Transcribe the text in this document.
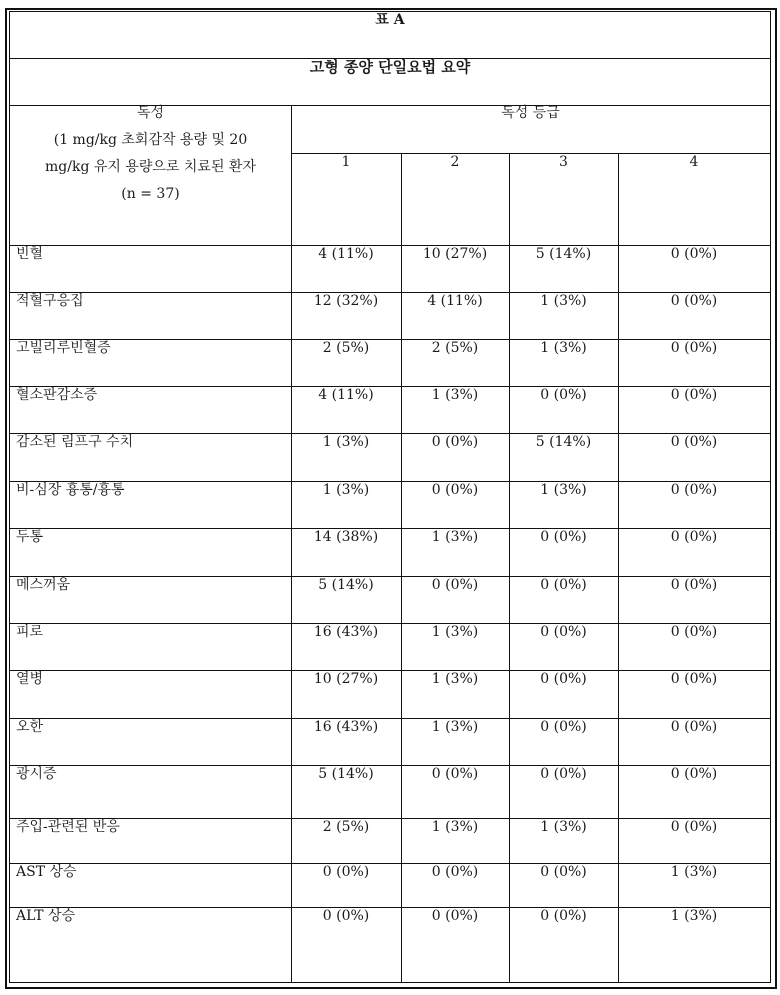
표 A
고형 종양 단일요법 요약
독성
(1 mg/kg 초회감작 용량 및 20
mg/kg 유지 용량으로 치료된 환자
(n = 37)
독성 등급
1	2	3	4
빈혈	4 (11%)	10 (27%)	5 (14%)	0 (0%)
적혈구응집	12 (32%)	4 (11%)	1 (3%)	0 (0%)
고빌리루빈혈증	2 (5%)	2 (5%)	1 (3%)	0 (0%)
혈소판감소증	4 (11%)	1 (3%)	0 (0%)	0 (0%)
감소된 림프구 수치	1 (3%)	0 (0%)	5 (14%)	0 (0%)
비-심장 흉통/흉통	1 (3%)	0 (0%)	1 (3%)	0 (0%)
두통	14 (38%)	1 (3%)	0 (0%)	0 (0%)
메스꺼움	5 (14%)	0 (0%)	0 (0%)	0 (0%)
피로	16 (43%)	1 (3%)	0 (0%)	0 (0%)
열병	10 (27%)	1 (3%)	0 (0%)	0 (0%)
오한	16 (43%)	1 (3%)	0 (0%)	0 (0%)
광시증	5 (14%)	0 (0%)	0 (0%)	0 (0%)
주입-관련된 반응	2 (5%)	1 (3%)	1 (3%)	0 (0%)
AST 상승	0 (0%)	0 (0%)	0 (0%)	1 (3%)
ALT 상승	0 (0%)	0 (0%)	0 (0%)	1 (3%)
